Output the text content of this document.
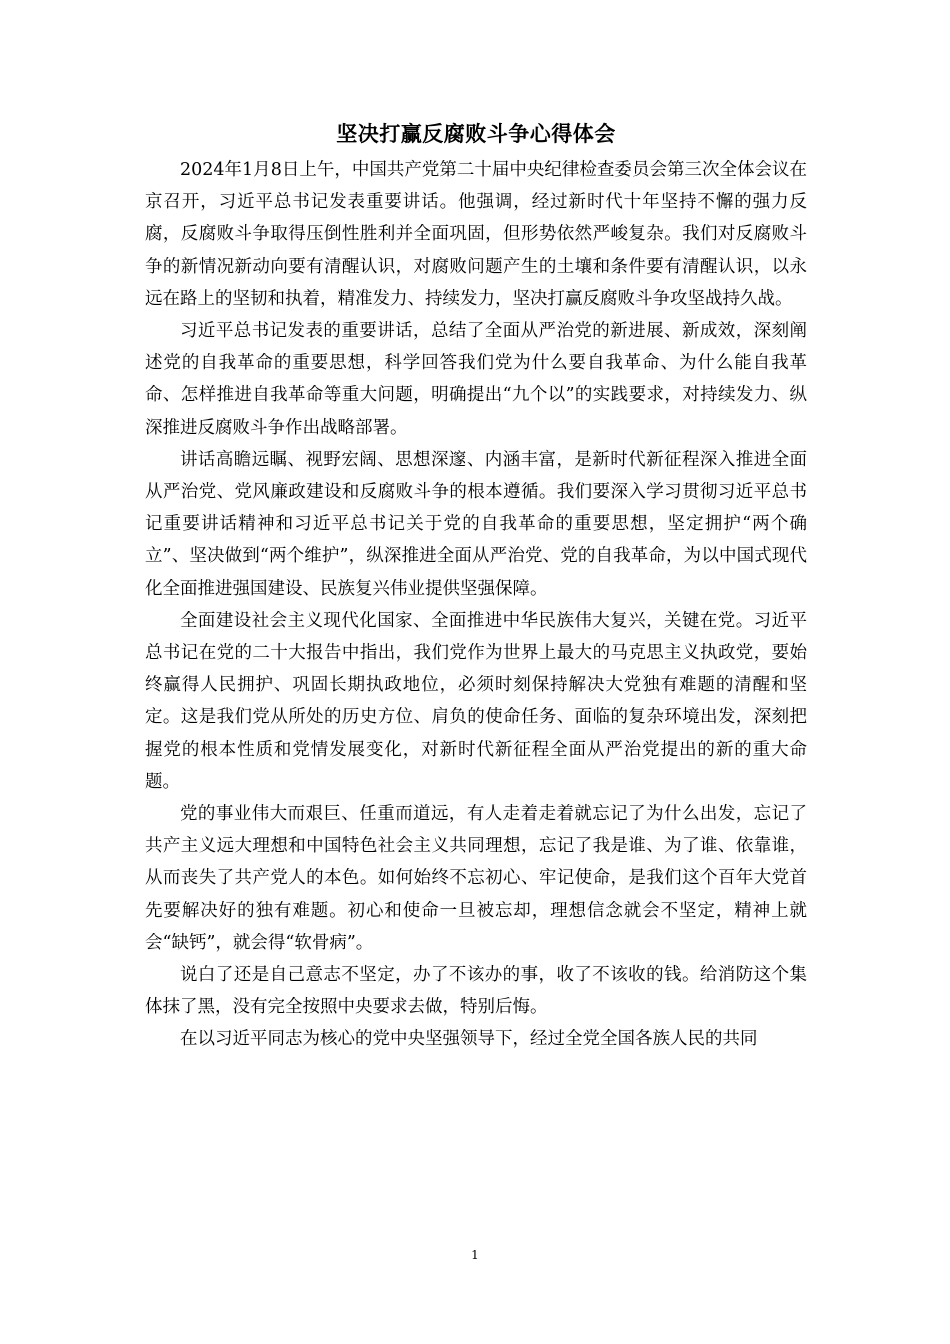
坚决打赢反腐败斗争心得体会

2024年1月8日上午，中国共产党第二十届中央纪律检查委员会第三次全体会议在京召开，习近平总书记发表重要讲话。他强调，经过新时代十年坚持不懈的强力反腐，反腐败斗争取得压倒性胜利并全面巩固，但形势依然严峻复杂。我们对反腐败斗争的新情况新动向要有清醒认识，对腐败问题产生的土壤和条件要有清醒认识，以永远在路上的坚韧和执着，精准发力、持续发力，坚决打赢反腐败斗争攻坚战持久战。

习近平总书记发表的重要讲话，总结了全面从严治党的新进展、新成效，深刻阐述党的自我革命的重要思想，科学回答我们党为什么要自我革命、为什么能自我革命、怎样推进自我革命等重大问题，明确提出“九个以”的实践要求，对持续发力、纵深推进反腐败斗争作出战略部署。

讲话高瞻远瞩、视野宏阔、思想深邃、内涵丰富，是新时代新征程深入推进全面从严治党、党风廉政建设和反腐败斗争的根本遵循。我们要深入学习贯彻习近平总书记重要讲话精神和习近平总书记关于党的自我革命的重要思想，坚定拥护“两个确立”、坚决做到“两个维护”，纵深推进全面从严治党、党的自我革命，为以中国式现代化全面推进强国建设、民族复兴伟业提供坚强保障。

全面建设社会主义现代化国家、全面推进中华民族伟大复兴，关键在党。习近平总书记在党的二十大报告中指出，我们党作为世界上最大的马克思主义执政党，要始终赢得人民拥护、巩固长期执政地位，必须时刻保持解决大党独有难题的清醒和坚定。这是我们党从所处的历史方位、肩负的使命任务、面临的复杂环境出发，深刻把握党的根本性质和党情发展变化，对新时代新征程全面从严治党提出的新的重大命题。

党的事业伟大而艰巨、任重而道远，有人走着走着就忘记了为什么出发，忘记了共产主义远大理想和中国特色社会主义共同理想，忘记了我是谁、为了谁、依靠谁，从而丧失了共产党人的本色。如何始终不忘初心、牢记使命，是我们这个百年大党首先要解决好的独有难题。初心和使命一旦被忘却，理想信念就会不坚定，精神上就会“缺钙”，就会得“软骨病”。

说白了还是自己意志不坚定，办了不该办的事，收了不该收的钱。给消防这个集体抹了黑，没有完全按照中央要求去做，特别后悔。

在以习近平同志为核心的党中央坚强领导下，经过全党全国各族人民的共同

1
